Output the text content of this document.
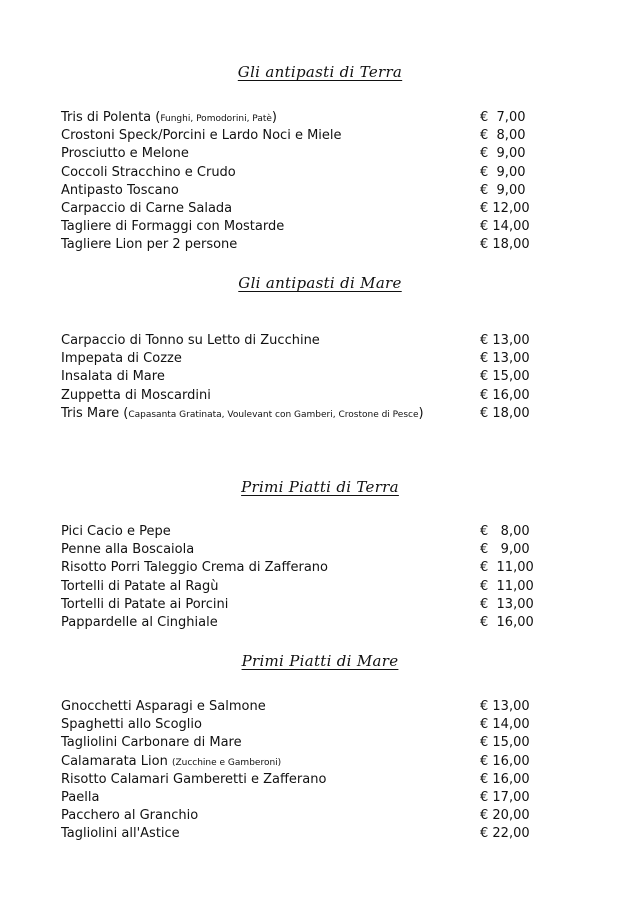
Gli antipasti di Terra
Tris di Polenta (Funghi, Pomodorini, Patè)	€  7,00
Crostoni Speck/Porcini e Lardo Noci e Miele	€  8,00
Prosciutto e Melone	€  9,00
Coccoli Stracchino e Crudo	€  9,00
Antipasto Toscano	€  9,00
Carpaccio di Carne Salada	€ 12,00
Tagliere di Formaggi con Mostarde	€ 14,00
Tagliere Lion per 2 persone	€ 18,00
Gli antipasti di Mare
Carpaccio di Tonno su Letto di Zucchine	€ 13,00
Impepata di Cozze	€ 13,00
Insalata di Mare	€ 15,00
Zuppetta di Moscardini	€ 16,00
Tris Mare (Capasanta Gratinata, Voulevant con Gamberi, Crostone di Pesce)	€ 18,00
Primi Piatti di Terra
Pici Cacio e Pepe	€   8,00
Penne alla Boscaiola	€   9,00
Risotto Porri Taleggio Crema di Zafferano	€  11,00
Tortelli di Patate al Ragù	€  11,00
Tortelli di Patate ai Porcini	€  13,00
Pappardelle al Cinghiale	€  16,00
Primi Piatti di Mare
Gnocchetti Asparagi e Salmone	€ 13,00
Spaghetti allo Scoglio	€ 14,00
Tagliolini Carbonare di Mare	€ 15,00
Calamarata Lion (Zucchine e Gamberoni)	€ 16,00
Risotto Calamari Gamberetti e Zafferano	€ 16,00
Paella	€ 17,00
Pacchero al Granchio	€ 20,00
Tagliolini all'Astice	€ 22,00
